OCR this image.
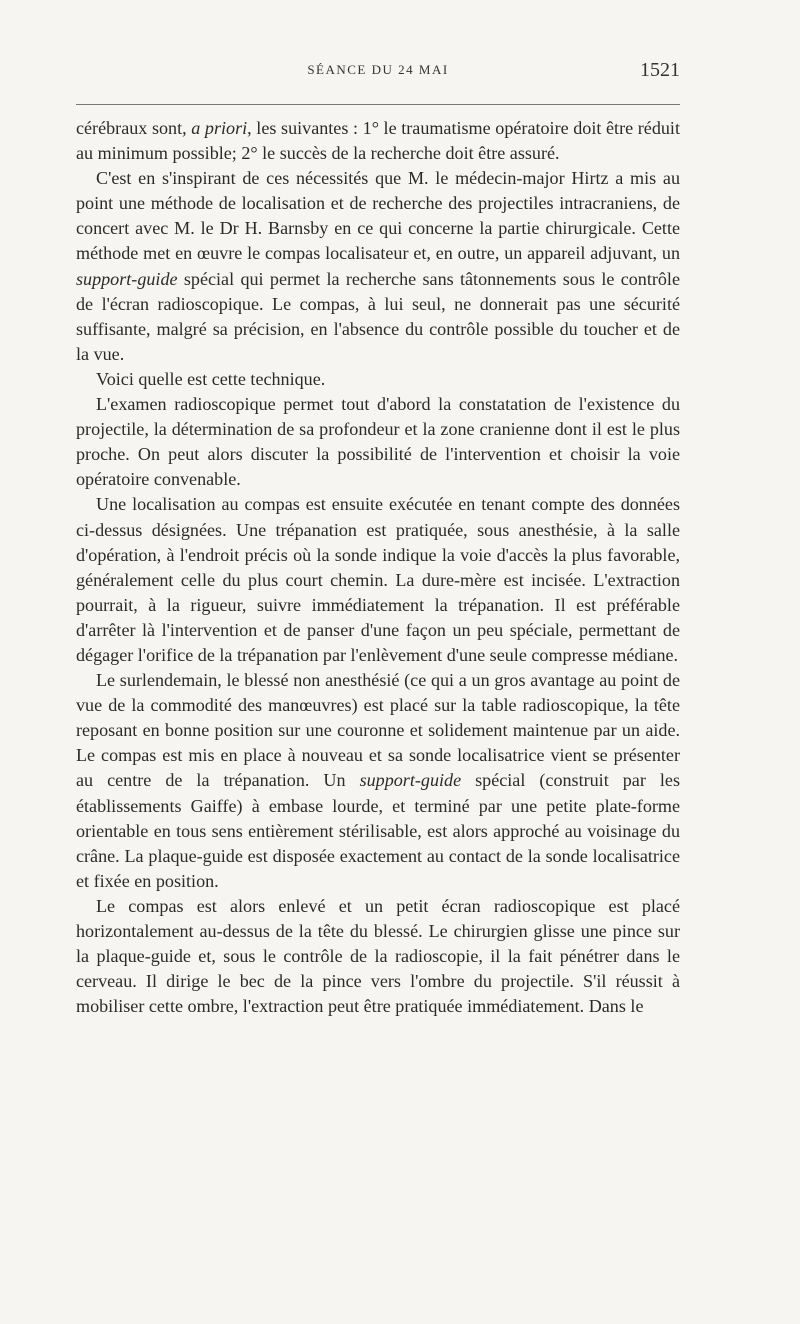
SÉANCE DU 24 MAI	1521

cérébraux sont, a priori, les suivantes : 1° le traumatisme opératoire doit être réduit au minimum possible; 2° le succès de la recherche doit être assuré.

C'est en s'inspirant de ces nécessités que M. le médecin-major Hirtz a mis au point une méthode de localisation et de recherche des projectiles intracraniens, de concert avec M. le Dr H. Barnsby en ce qui concerne la partie chirurgicale. Cette méthode met en œuvre le compas localisateur et, en outre, un appareil adjuvant, un support-guide spécial qui permet la recherche sans tâtonnements sous le contrôle de l'écran radioscopique. Le compas, à lui seul, ne donnerait pas une sécurité suffisante, malgré sa précision, en l'absence du contrôle possible du toucher et de la vue.

Voici quelle est cette technique.

L'examen radioscopique permet tout d'abord la constatation de l'existence du projectile, la détermination de sa profondeur et la zone cranienne dont il est le plus proche. On peut alors discuter la possibilité de l'intervention et choisir la voie opératoire convenable.

Une localisation au compas est ensuite exécutée en tenant compte des données ci-dessus désignées. Une trépanation est pratiquée, sous anesthésie, à la salle d'opération, à l'endroit précis où la sonde indique la voie d'accès la plus favorable, généralement celle du plus court chemin. La dure-mère est incisée. L'extraction pourrait, à la rigueur, suivre immédiatement la trépanation. Il est préférable d'arrêter là l'intervention et de panser d'une façon un peu spéciale, permettant de dégager l'orifice de la trépanation par l'enlèvement d'une seule compresse médiane.

Le surlendemain, le blessé non anesthésié (ce qui a un gros avantage au point de vue de la commodité des manœuvres) est placé sur la table radioscopique, la tête reposant en bonne position sur une couronne et solidement maintenue par un aide. Le compas est mis en place à nouveau et sa sonde localisatrice vient se présenter au centre de la trépanation. Un support-guide spécial (construit par les établissements Gaiffe) à embase lourde, et terminé par une petite plate-forme orientable en tous sens entièrement stérilisable, est alors approché au voisinage du crâne. La plaque-guide est disposée exactement au contact de la sonde localisatrice et fixée en position.

Le compas est alors enlevé et un petit écran radioscopique est placé horizontalement au-dessus de la tête du blessé. Le chirurgien glisse une pince sur la plaque-guide et, sous le contrôle de la radioscopie, il la fait pénétrer dans le cerveau. Il dirige le bec de la pince vers l'ombre du projectile. S'il réussit à mobiliser cette ombre, l'extraction peut être pratiquée immédiatement. Dans le
